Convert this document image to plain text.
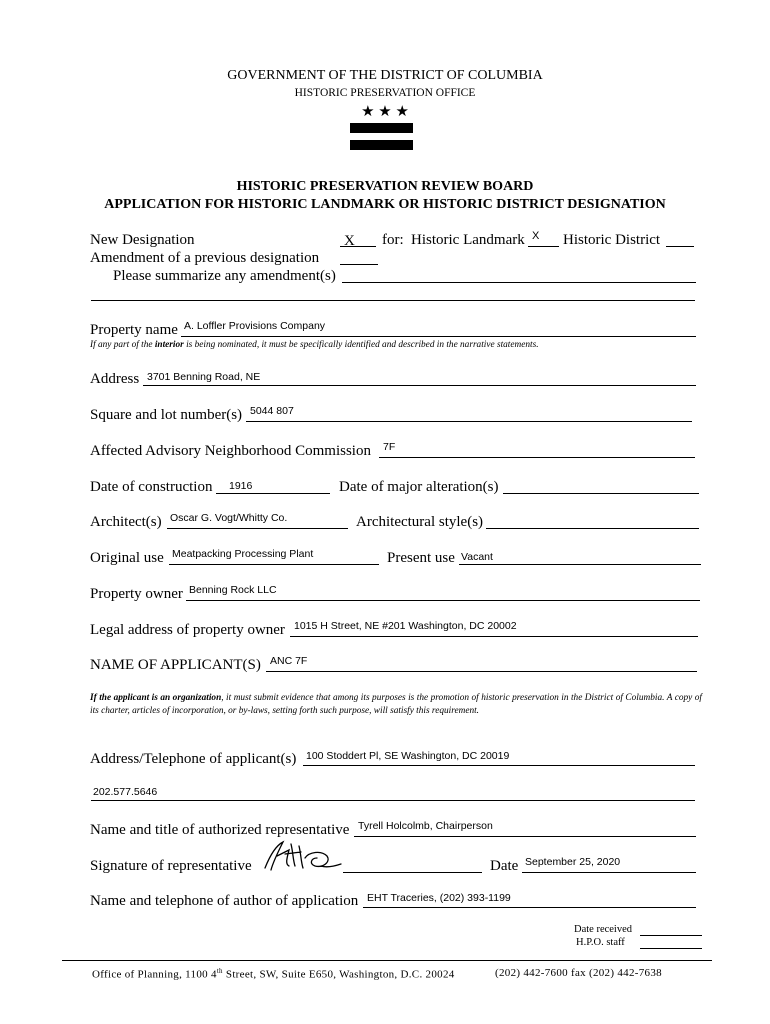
GOVERNMENT OF THE DISTRICT OF COLUMBIA
HISTORIC PRESERVATION OFFICE
★ ★ ★
HISTORIC PRESERVATION REVIEW BOARD
APPLICATION FOR HISTORIC LANDMARK OR HISTORIC DISTRICT DESIGNATION
New Designation	X for: Historic Landmark X Historic District
Amendment of a previous designation
Please summarize any amendment(s)
Property name A. Loffler Provisions Company
If any part of the interior is being nominated, it must be specifically identified and described in the narrative statements.
Address 3701 Benning Road, NE
Square and lot number(s) 5044 807
Affected Advisory Neighborhood Commission 7F
Date of construction 1916	Date of major alteration(s)
Architect(s) Oscar G. Vogt/Whitty Co.	Architectural style(s)
Original use Meatpacking Processing Plant	Present use Vacant
Property owner Benning Rock LLC
Legal address of property owner 1015 H Street, NE #201 Washington, DC 20002
NAME OF APPLICANT(S) ANC 7F
If the applicant is an organization, it must submit evidence that among its purposes is the promotion of historic preservation in the District of Columbia. A copy of its charter, articles of incorporation, or by-laws, setting forth such purpose, will satisfy this requirement.
Address/Telephone of applicant(s) 100 Stoddert Pl, SE Washington, DC 20019
202.577.5646
Name and title of authorized representative Tyrell Holcolmb, Chairperson
Signature of representative	Date September 25, 2020
Name and telephone of author of application EHT Traceries, (202) 393-1199
Date received
H.P.O. staff
Office of Planning, 1100 4th Street, SW, Suite E650, Washington, D.C. 20024	(202) 442-7600 fax (202) 442-7638
